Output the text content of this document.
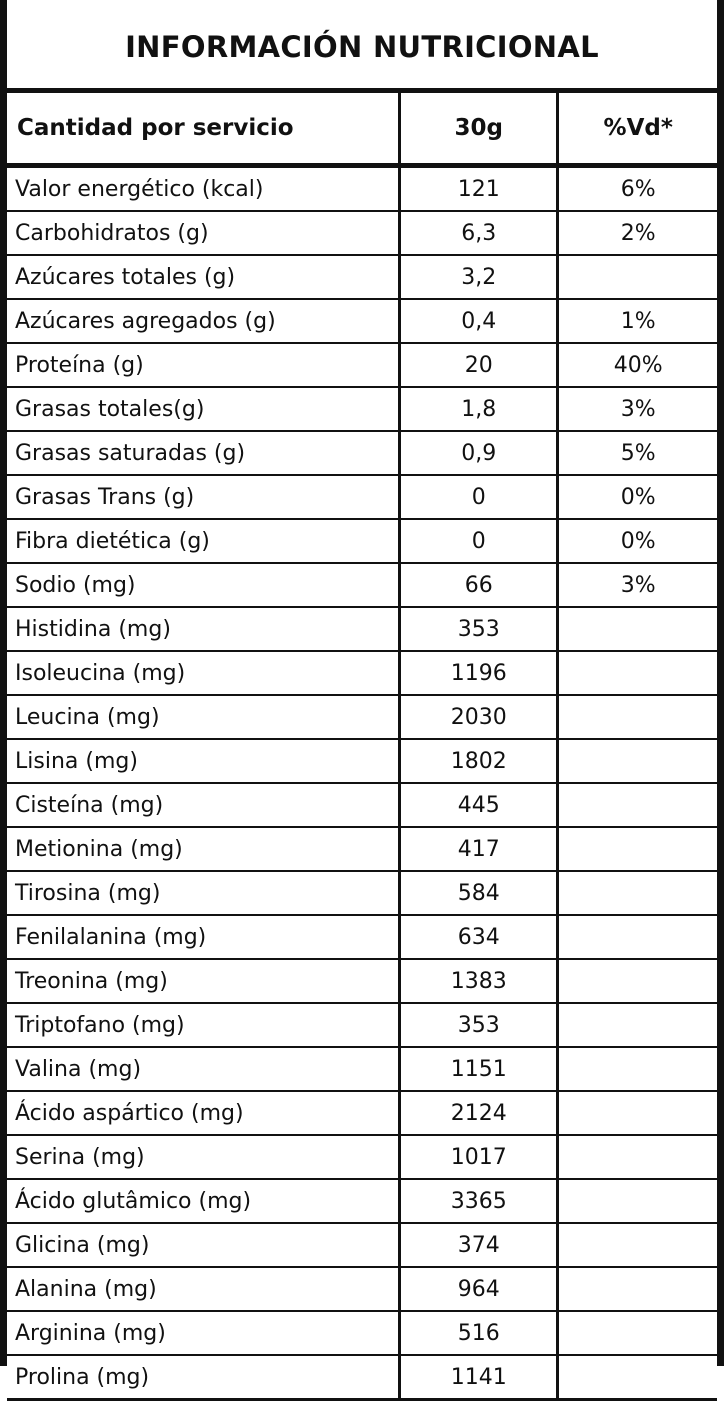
INFORMACIÓN NUTRICIONAL
Cantidad por servicio	30g	%Vd*
Valor energético (kcal)	121	6%
Carbohidratos (g)	6,3	2%
Azúcares totales (g)	3,2	
Azúcares agregados (g)	0,4	1%
Proteína (g)	20	40%
Grasas totales(g)	1,8	3%
Grasas saturadas (g)	0,9	5%
Grasas Trans (g)	0	0%
Fibra dietética (g)	0	0%
Sodio (mg)	66	3%
Histidina (mg)	353	
Isoleucina (mg)	1196	
Leucina (mg)	2030	
Lisina (mg)	1802	
Cisteína (mg)	445	
Metionina (mg)	417	
Tirosina (mg)	584	
Fenilalanina (mg)	634	
Treonina (mg)	1383	
Triptofano (mg)	353	
Valina (mg)	1151	
Ácido aspártico (mg)	2124	
Serina (mg)	1017	
Ácido glutâmico (mg)	3365	
Glicina (mg)	374	
Alanina (mg)	964	
Arginina (mg)	516	
Prolina (mg)	1141	
